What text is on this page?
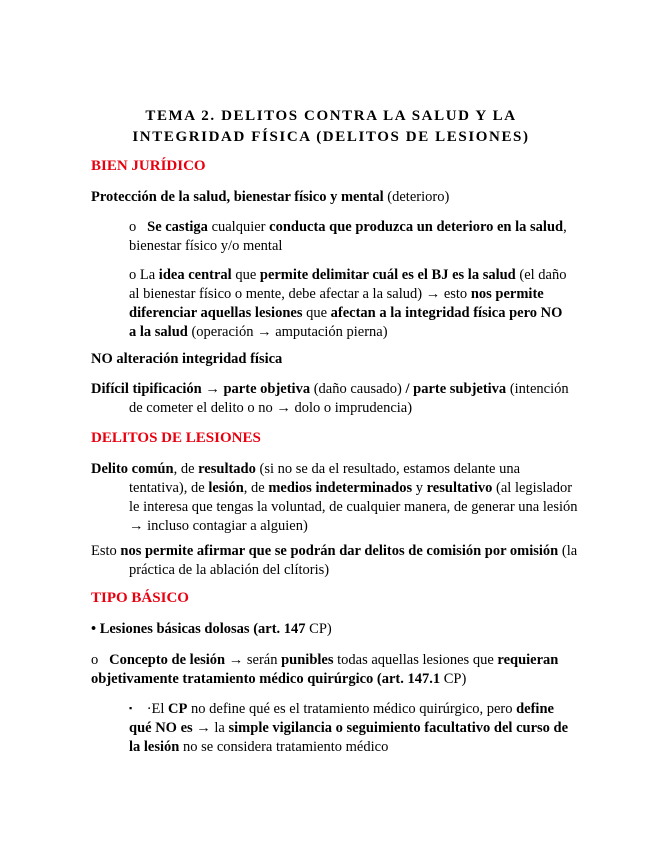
TEMA 2. DELITOS CONTRA LA SALUD Y LA
INTEGRIDAD FÍSICA (DELITOS DE LESIONES)

BIEN JURÍDICO

Protección de la salud, bienestar físico y mental (deterioro)

o Se castiga cualquier conducta que produzca un deterioro en la salud, bienestar físico y/o mental

o La idea central que permite delimitar cuál es el BJ es la salud (el daño al bienestar físico o mente, debe afectar a la salud) → esto nos permite diferenciar aquellas lesiones que afectan a la integridad física pero NO a la salud (operación → amputación pierna)

NO alteración integridad física

Difícil tipificación → parte objetiva (daño causado) / parte subjetiva (intención de cometer el delito o no → dolo o imprudencia)

DELITOS DE LESIONES

Delito común, de resultado (si no se da el resultado, estamos delante una tentativa), de lesión, de medios indeterminados y resultativo (al legislador le interesa que tengas la voluntad, de cualquier manera, de generar una lesión → incluso contagiar a alguien)

Esto nos permite afirmar que se podrán dar delitos de comisión por omisión (la práctica de la ablación del clítoris)

TIPO BÁSICO

• Lesiones básicas dolosas (art. 147 CP)

o Concepto de lesión → serán punibles todas aquellas lesiones que requieran objetivamente tratamiento médico quirúrgico (art. 147.1 CP)

▪ ·El CP no define qué es el tratamiento médico quirúrgico, pero define qué NO es → la simple vigilancia o seguimiento facultativo del curso de la lesión no se considera tratamiento médico
